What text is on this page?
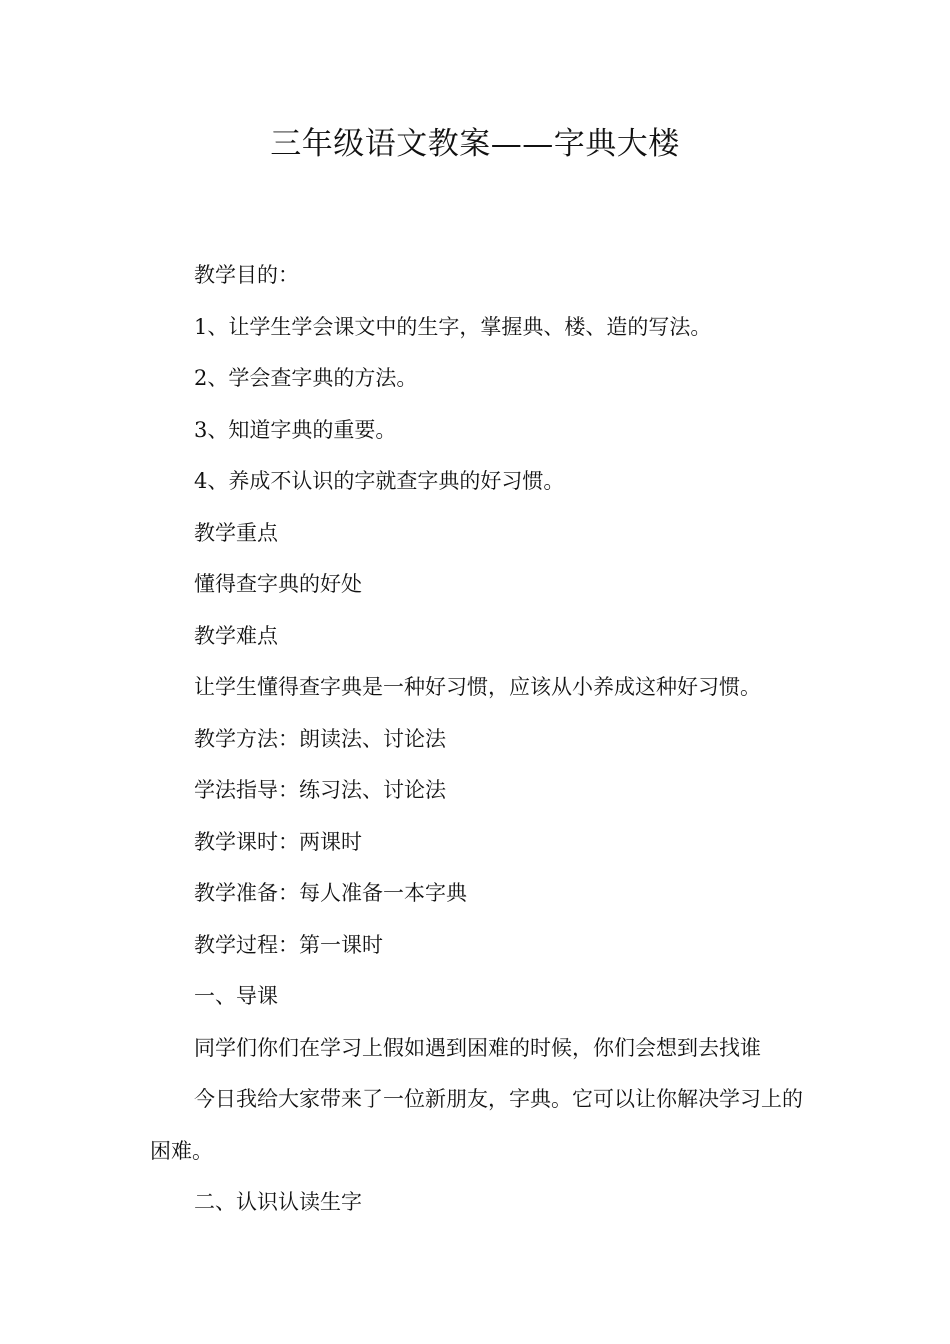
三年级语文教案——字典大楼

教学目的：

1、让学生学会课文中的生字，掌握典、楼、造的写法。

2、学会查字典的方法。

3、知道字典的重要。

4、养成不认识的字就查字典的好习惯。

教学重点

懂得查字典的好处

教学难点

让学生懂得查字典是一种好习惯，应该从小养成这种好习惯。

教学方法：朗读法、讨论法

学法指导：练习法、讨论法

教学课时：两课时

教学准备：每人准备一本字典

教学过程：第一课时

一、导课

同学们你们在学习上假如遇到困难的时候，你们会想到去找谁

今日我给大家带来了一位新朋友，字典。它可以让你解决学习上的困难。

二、认识认读生字
